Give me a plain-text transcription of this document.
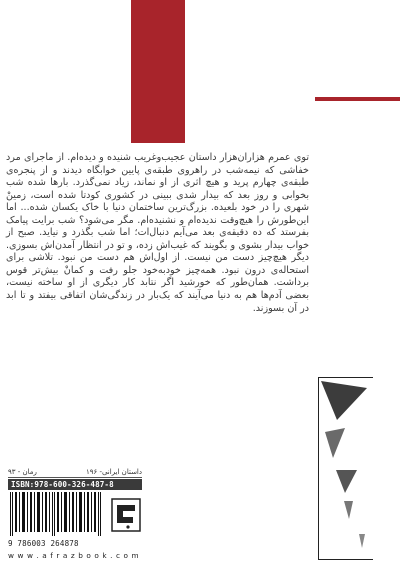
توی عمرم هزاران‌هزار داستان عجیب‌وغریب شنیده و دیده‌ام. از ماجرای مرد خفاشی که نیمه‌شب در راهروی طبقه‌ی پایین خوابگاه دیدند و از پنجره‌ی طبقه‌ی چهارم پرید و هیچ اثری از او نماند، زیاد نمی‌گذرد. بارها شده شب بخوابی و روز بعد که بیدار شدی ببینی در کشوری کودتا شده است، زمینْ شهری را در خود بلعیده. بزرگ‌ترین ساختمان دنیا با خاک یکسان شده... اما این‌طورش را هیچ‌وقت ندیده‌ام و نشنیده‌ام. مگر می‌شود؟ شب برایت پیامک بفرستد که ده دقیقه‌ی بعد می‌آیم دنبال‌ات؛ اما شب بگذرد و نیاید. صبح از خواب بیدار بشوی و بگویند که غیب‌اش زده، و تو در انتظار آمدن‌اش بسوزی. دیگر هیچ‌چیز دست من نیست. از اول‌اش هم دست من نبود. تلاشی برای استحاله‌ی درون نبود. همه‌چیز خودبه‌خود جلو رفت و کمانْ بیش‌تر قوس برداشت. همان‌طور که خورشید اگر نتابد کار دیگری از او ساخته نیست، بعضی آدم‌ها هم به دنیا می‌آیند که یک‌بار در زندگی‌شان اتفاقی بیفتد و تا ابد در آن بسوزند.

داستان ایرانی- ۱۹۶
رمان - ۹۳
ISBN:978-600-326-487-8
9 786003 264878
w w w . a f r a z b o o k . c o m
